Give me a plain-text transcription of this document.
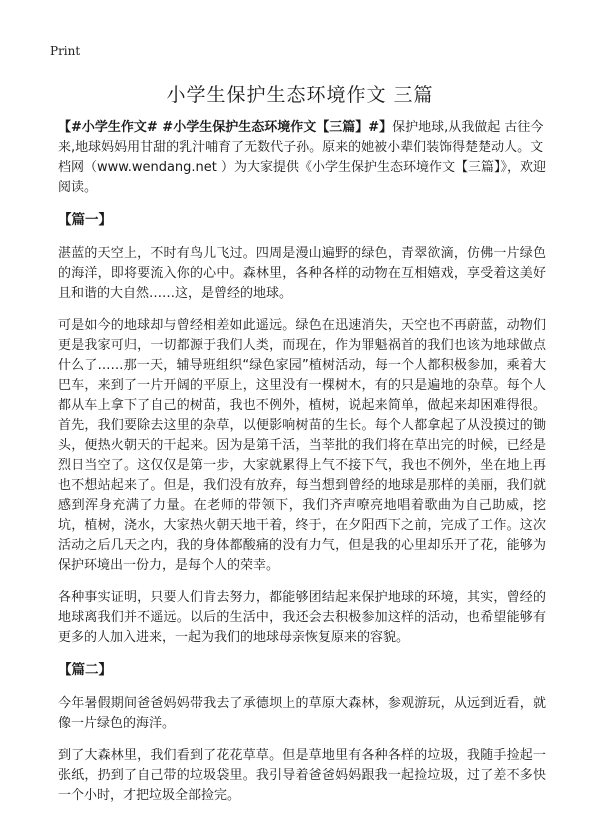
Print
小学生保护生态环境作文 三篇

【#小学生作文# #小学生保护生态环境作文【三篇】#】保护地球,从我做起 古往今来,地球妈妈用甘甜的乳汁哺育了无数代子孙。原来的她被小辈们装饰得楚楚动人。文档网（www.wendang.net ）为大家提供《小学生保护生态环境作文【三篇】》，欢迎阅读。

【篇一】

湛蓝的天空上，不时有鸟儿飞过。四周是漫山遍野的绿色，青翠欲滴，仿佛一片绿色的海洋，即将要流入你的心中。森林里，各种各样的动物在互相嬉戏，享受着这美好且和谐的大自然……这，是曾经的地球。

可是如今的地球却与曾经相差如此遥远。绿色在迅速消失，天空也不再蔚蓝，动物们更是我家可归，一切都源于我们人类，而现在，作为罪魁祸首的我们也该为地球做点什么了……那一天，辅导班组织“绿色家园”植树活动，每一个人都积极参加，乘着大巴车，来到了一片开阔的平原上，这里没有一棵树木，有的只是遍地的杂草。每个人都从车上拿下了自己的树苗，我也不例外，植树，说起来简单，做起来却困难得很。首先，我们要除去这里的杂草，以便影响树苗的生长。每个人都拿起了从没摸过的锄头，便热火朝天的干起来。因为是第千活，当莘批的我们将在草出完的时候，已经是烈日当空了。这仅仅是第一步，大家就累得上气不接下气，我也不例外，坐在地上再也不想站起来了。但是，我们没有放弃，每当想到曾经的地球是那样的美丽，我们就感到浑身充满了力量。在老师的带领下，我们齐声嘹亮地唱着歌曲为自己助威，挖坑，植树，浇水，大家热火朝天地干着，终于，在夕阳西下之前，完成了工作。这次活动之后几天之内，我的身体都酸痛的没有力气，但是我的心里却乐开了花，能够为保护环境出一份力，是每个人的荣幸。

各种事实证明，只要人们肯去努力，都能够团结起来保护地球的环境，其实，曾经的地球离我们并不遥远。以后的生活中，我还会去积极参加这样的活动，也希望能够有更多的人加入进来，一起为我们的地球母亲恢复原来的容貌。

【篇二】

今年暑假期间爸爸妈妈带我去了承德坝上的草原大森林，参观游玩，从远到近看，就像一片绿色的海洋。

到了大森林里，我们看到了花花草草。但是草地里有各种各样的垃圾，我随手捡起一张纸，扔到了自己带的垃圾袋里。我引导着爸爸妈妈跟我一起捡垃圾，过了差不多快一个小时，才把垃圾全部捡完。
